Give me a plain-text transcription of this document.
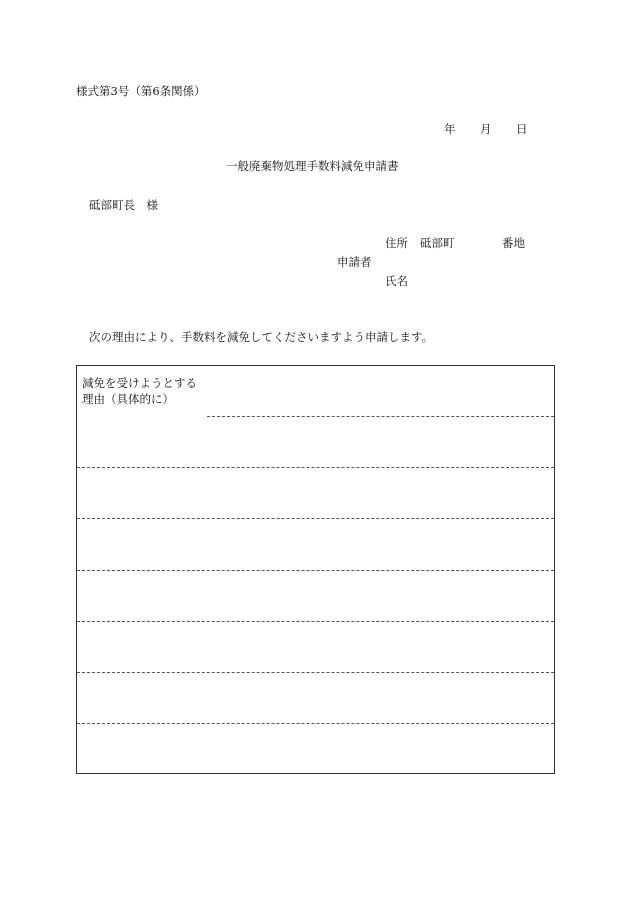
様式第3号（第6条関係）
年 月 日
一般廃棄物処理手数料減免申請書
砥部町長　様
住所 砥部町	番地
申請者
氏名
次の理由により、手数料を減免してくださいますよう申請します。
減免を受けようとする
理由（具体的に）
